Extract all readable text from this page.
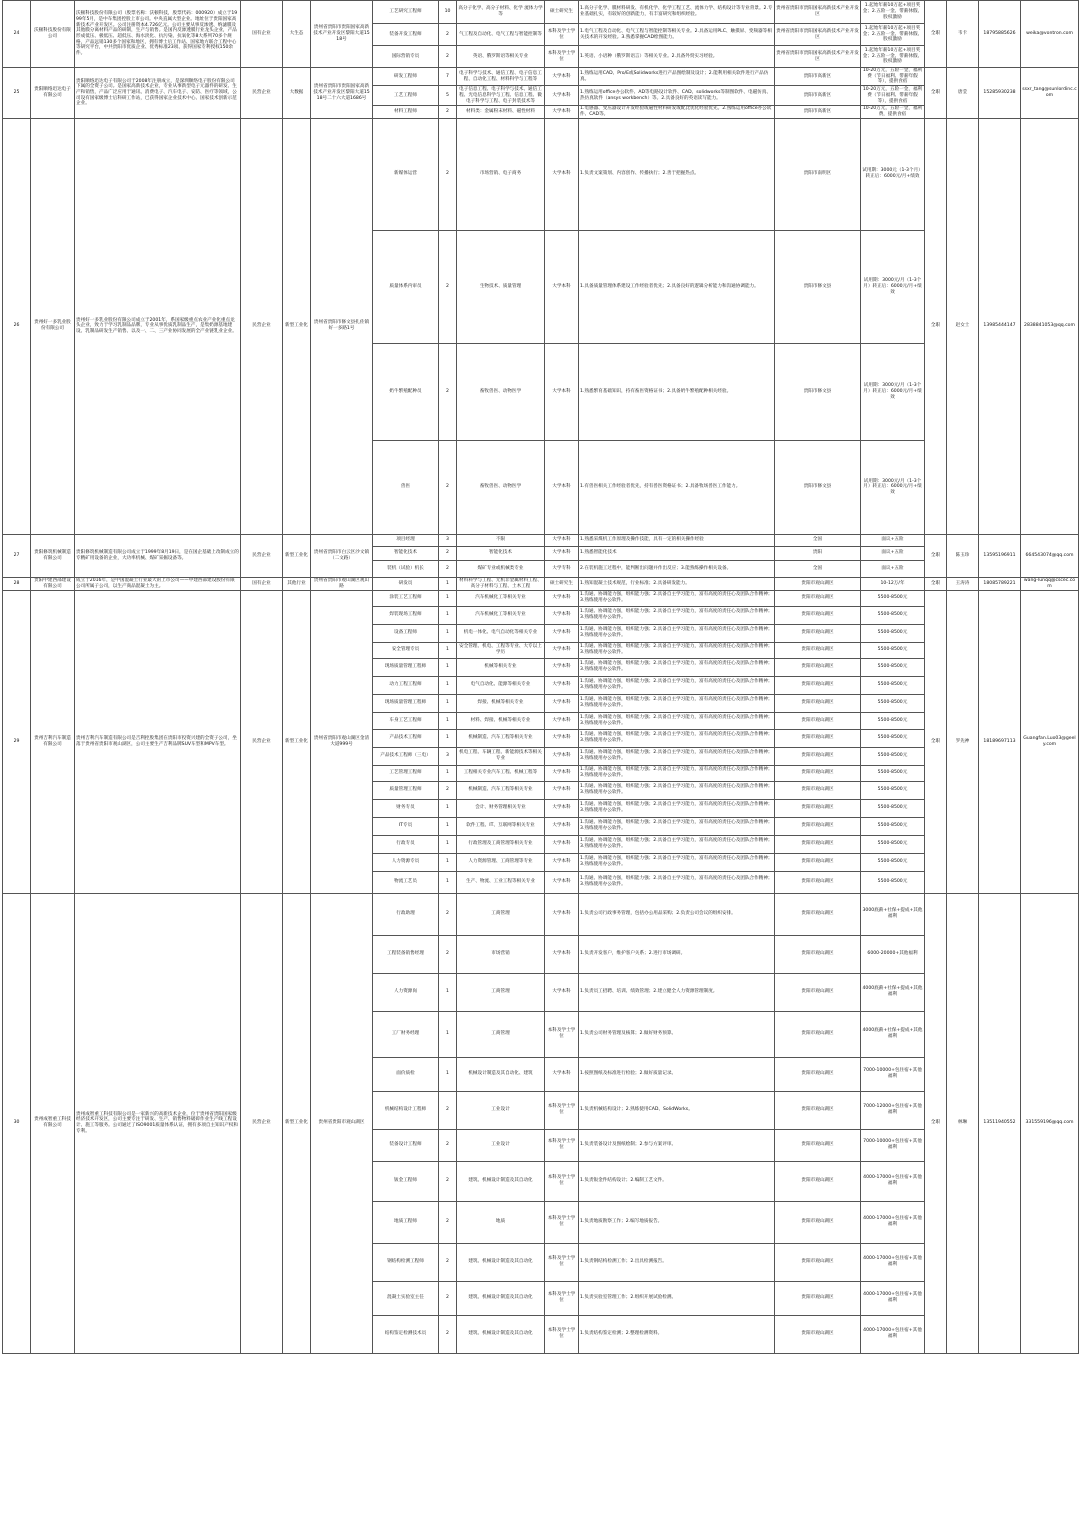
24	沃顿科技股份有限公司	沃顿科技股份有限公司（股票名称：沃顿科技，股票代码：000920）成立于1999年5月，是中车集团控股上市公司。中央直属大型企业。地址位于贵阳国家高新技术产业开发区。公司注册资本4.726亿元。公司主要从事反渗透、纳滤膜及其他膜分离材料产品的研制，生产与销售。是国内反渗透膜行业龙头企业，产品形成低压、极低压、超低压、海水淡化、抗污染、抗氧化等8大系列70多个规格，产品远销130多个国家和地区，拥有博士后工作站、国家地方联合工程中心等研究平台，中共贵阳市优质企业、优秀标准23项、获得国家专利授权150余件。	国有企业	大生态	贵州省贵阳市贵阳国家高新技术产业开发区黎阳大道1518号	工艺研究工程师	10	高分子化学、高分子材料、化学 流体力学等	硕士研究生	1.高分子化学、膜材料研发、有机化学、化学工程工艺、流体力学、结构设计等专业背景。2.专业基础扎实，有较好的创新能力，有丰富研究和组织经验。	贵州省贵阳市贵阳国家高新技术产业开发区	1.起始年薪10万起+项目奖金；2.五险一金、带薪休假、股权激励	全职	韦卡	18795885626	weika@vontron.com
						装备开发工程师	2	气工程及自动化、电气工程与智能控制等	本科及学士学位	1.电气工程及自动化、电气工程与智能控制等相关专业。2.具备运用PLC、触摸屏、变频器等相关技术的开发经验。3.熟悉掌握CAD绘图能力。	贵州省贵阳市贵阳国家高新技术产业开发区	1.起始年薪10万起+项目奖金；2.五险一金、带薪休假、股权激励				
						国际营销专员	2	英语、俄罗斯语等相关专业	本科及学士学位	1.英语、小语种（俄罗斯语言）等相关专业。2.具备外贸实习经验。	贵州省贵阳市贵阳国家高新技术产业开发区	1.起始年薪10万起+项目奖金；2.五险一金、带薪休假、股权激励				
25	贵阳顺络迅达电子有限公司	贵阳顺络迅达电子有限公司于2008年注册成立，是深圳顺络电子股份有限公司下属的全资子公司。是国家高新技术企业，专业从事新型电子元器件的研发、生产和销售，产品广泛应用于通讯、消费电子、汽车电子、安防、医疗等领域，公司设有国家级博士后科研工作站，已获得国家企业技术中心、国家技术创新示范企业。	民营企业	大数据	贵州省贵阳市贵阳国家高新技术产业开发区黎阳大道1518号二十六大道1686号	研发工程师	7	电子科学与技术、通信工程、电子信息工程、自动化工程、材料科学与工程等	大学本科	1.熟练运用CAD、Pro/E或Solidworks进行产品图绘制及设计；2.能利用相关软件进行产品仿真。	贵阳市高新区	10-20万元，五险一金，福利费（节日福利、带薪年假等），提供食宿	全职	唐莹	15285930238	ssxr_tang@sunlordinc.com
						工艺工程师	5	电子信息工程、电子科学与技术、通信工程、光电信息科学与工程、信息工程、微电子科学与工程、电子封装技术等	大学本科	1.熟练运用office办公软件、AD等电路设计软件、CAD、solidworks等制图软件、电磁仿真、热仿真软件（ansys workbench）等。2.具备良好的英语读写能力。	贵阳市高新区	10-20万元，五险一金，福利费（节日福利、带薪年假等），提供食宿				
						材料工程师	2	材料类：金属粉末材料、磁性材料	大学本科	1.电感器、变压器设计开发经验或磁性材料研发或配比优化经验优先。2.熟练运用office办公软件、CAD等。	贵阳市高新区	10-20万元，五险一金，福利费，提供食宿				
26	贵州好一多乳业股份有限公司	贵州好一多乳业股份有限公司成立于2001年，系国家级重点农业产业化重点龙头企业，致力于学习乳制品品牌，专业从事优质乳制品生产，是集奶源基地建设、乳制品研发生产销售、以及一、二、三产业协同发展的全产业链乳业企业。	民营企业	新型工业化	贵州省贵阳市修文县扎佐镇好一多路1号	新媒体运营	2	市场营销、电子商务	大学本科	1.负责文案策划、内容创作、传播执行；2.善于把握热点。	贵阳市南明区	试用期：3000元（1-3个月）转正后：6000元/月+绩效	全职	赵女士	13985444147	2838841053@qq.com
						质量体系内审员	2	生物技术、质量管理	大学本科	1.具备质量管理体系建设工作经验者优先；2.具备良好的逻辑分析能力和沟通协调能力。	贵阳市修文县	试用期：3000元/月（1-3个月）转正后：6000元/月+绩效				
						奶牛繁殖配种员	2	畜牧兽医、动物医学	大学本科	1.熟悉繁育基础知识，持有畜医资格证书；2.具备奶牛繁殖配种相关经验。	贵阳市修文县	试用期：3000元/月（1-3个月）转正后：6000元/月+绩效				
						兽医	2	畜牧兽医、动物医学	大学本科	1.有兽医相关工作经验者优先，持有兽医资格证书；2.具备牧场兽医工作能力。	贵阳市修文县	试用期：3000元/月（1-3个月）转正后：6000元/月+绩效				
27	贵阳修筑机械制造有限公司	贵阳修筑机械制造有限公司成立于1999年8月19日，是在国企基础上改制成立的专精矿用设备的企业，大功率机械、煤矿采掘设备等。	民营企业	新型工业化	贵州省贵阳市白云区沙文镇（二文路）	项目经理	3	不限	大学本科	1.熟悉采煤机工作原理及操作技能，具有一定的相关操作经验	全国	面议+五险	全职	陈玉珍	13595196911	664543074@qq.com
						智能化技术	2	智能化技术	大学本科	1.熟悉智能化技术	贵阳	面议+五险				
						装机（试验）机长	2	煤矿专业或机械类专业	大学专科	2.在装机施工过程中，能判断出问题并作出反应；3.能熟练操作相关设备。	全国	面议+五险				
28	贵阳中建西部建设有限公司	成立于2016年，是中国混凝土行业最大的上市公司——中建西部建设股份有限公司所属子公司，以生产商品混凝土为主。	国有企业	其他行业	贵州省贵阳市观山湖区观山路	研发员	1	材料科学与工程、无机非金属材料工程、高分子材料与工程、土木工程	硕士研究生	1.熟知混凝土技术规范，行业标准；2.具备研发能力。	贵阳市观山湖区	10-12万/年	全职	王涛涛	18085789221	wang-lunqq@cscec.com
29	贵州吉利汽车制造有限公司	贵州吉利汽车制造有限公司是吉利控股集团在贵阳市投资兴建的全资子公司，坐落于贵州省贵阳市观山湖区，公司主要生产吉利品牌SUV车型和MPV车型。	民营企业	新型工业化	贵州省贵阳市观山湖区金清大道999号	涂装工艺工程师	1	汽车机械化工等相关专业	大学本科	1.沟通、协调能力强，组织能力强；2.具备自主学习能力，富有高度的责任心及团队合作精神；3.熟练使用办公软件。	贵阳市观山湖区	5500-8500元	全职	罗先神	18189697113	Guangfan.Luo03@geely.com
						焊装现场工程师	1	汽车机械化工等相关专业	大学本科	1.沟通、协调能力强，组织能力强；2.具备自主学习能力，富有高度的责任心及团队合作精神；3.熟练使用办公软件。	贵阳市观山湖区	5500-8500元				
						设备工程师	1	机电一体化、电气自动化等相关专业	大学本科	1.沟通、协调能力强，组织能力强；2.具备自主学习能力，富有高度的责任心及团队合作精神；3.熟练使用办公软件。	贵阳市观山湖区	5500-8500元				
						安全管理专员	1	安全管理、机电、工程等专业、大专以上学历	大学本科	1.沟通、协调能力强，组织能力强；2.具备自主学习能力，富有高度的责任心及团队合作精神；3.熟练使用办公软件。	贵阳市观山湖区	5500-8500元				
						现场质量管理工程师	1	机械等相关专业	大学本科	1.沟通、协调能力强，组织能力强；2.具备自主学习能力，富有高度的责任心及团队合作精神；3.熟练使用办公软件。	贵阳市观山湖区	5500-8500元				
						动力工程工程师	1	电气自动化、能源等相关专业	大学本科	1.沟通、协调能力强，组织能力强；2.具备自主学习能力，富有高度的责任心及团队合作精神；3.熟练使用办公软件。	贵阳市观山湖区	5500-8500元				
						现场质量管理工程师	1	焊接、机械等相关专业	大学本科	1.沟通、协调能力强，组织能力强；2.具备自主学习能力，富有高度的责任心及团队合作精神；3.熟练使用办公软件。	贵阳市观山湖区	5500-8500元				
						车身工艺工程师	1	材料、焊接、机械等相关专业	大学本科	1.沟通、协调能力强，组织能力强；2.具备自主学习能力，富有高度的责任心及团队合作精神；3.熟练使用办公软件。	贵阳市观山湖区	5500-8500元				
						产品技术工程师	1	机械制造、汽车工程等相关专业	大学本科	1.沟通、协调能力强，组织能力强；2.具备自主学习能力，富有高度的责任心及团队合作精神；3.熟练使用办公软件。	贵阳市观山湖区	5500-8500元				
						产品技术工程师（三电）	3	机电工程、车辆工程、新能源技术等相关专业	大学本科	1.沟通、协调能力强，组织能力强；2.具备自主学习能力，富有高度的责任心及团队合作精神；3.熟练使用办公软件。	贵阳市观山湖区	5500-8500元				
						工艺管理工程师	1	工程相关专业汽车工程、机械工程等	大学本科	1.沟通、协调能力强，组织能力强；2.具备自主学习能力，富有高度的责任心及团队合作精神；3.熟练使用办公软件。	贵阳市观山湖区	5500-8500元				
						质量管理工程师	2	机械制造、汽车工程等相关专业	大学本科	1.沟通、协调能力强，组织能力强；2.具备自主学习能力，富有高度的责任心及团队合作精神；3.熟练使用办公软件。	贵阳市观山湖区	5500-8500元				
						财务专员	1	会计、财务管理相关专业	大学本科	1.沟通、协调能力强，组织能力强；2.具备自主学习能力，富有高度的责任心及团队合作精神；3.熟练使用办公软件。	贵阳市观山湖区	5500-8500元				
						IT专员	1	软件工程、IT、互联网等相关专业	大学本科	1.沟通、协调能力强，组织能力强；2.具备自主学习能力，富有高度的责任心及团队合作精神；3.熟练使用办公软件。	贵阳市观山湖区	5500-8500元				
						行政专员	1	行政管理及工商管理等相关专业	大学本科	1.沟通、协调能力强，组织能力强；2.具备自主学习能力，富有高度的责任心及团队合作精神；3.熟练使用办公软件。	贵阳市观山湖区	5500-8500元				
						人力资源专员	1	人力资源管理、工商管理等专业	大学本科	1.沟通、协调能力强，组织能力强；2.具备自主学习能力，富有高度的责任心及团队合作精神；3.熟练使用办公软件。	贵阳市观山湖区	5500-8500元				
						物流工艺员	1	生产、物流、工业工程等相关专业	大学本科	1.沟通、协调能力强，组织能力强；2.具备自主学习能力，富有高度的责任心及团队合作精神；3.熟练使用办公软件。	贵阳市观山湖区	5500-8500元				
30	贵州成智重工科技有限公司	贵州成智重工科技有限公司是一家新兴的高新技术企业，位于贵州省贵阳国家级经济技术开发区，公司主要专注于研发、生产、销售物料破碎作业生产线工程设计、施工等服务。公司通过了ISO9001质量体系认证，拥有多项自主知识产权和专利。	民营企业	新型工业化	贵州省贵阳市观山湖区	行政助理	2	工商管理	大学本科	1.负责公司行政事务管理，包括办公用品采购；2.负责公司会议的组织安排。	贵阳市观山湖区	3000底薪+社保+提成+其他福利	全职	林琳	13511940552	331559196@qq.com
						工程装备销售经理	2	市场营销	大学本科	1.负责开发客户，维护客户关系；2.进行市场调研。	贵阳市观山湖区	6000-20000+其他福利				
						人力资源岗	1	工商管理	大学本科	1.负责员工招聘、培训、绩效管理；2.建立健全人力资源管理制度。	贵阳市观山湖区	4000底薪+社保+提成+其他福利				
						工厂财务经理	1	工商管理	本科及学士学位	1.负责公司财务管理及核算；2.做好财务预算。	贵阳市观山湖区	4000底薪+社保+提成+其他福利				
						面价质检	1	机械设计制造及其自动化、建筑	大学本科	1.按照图纸及标准进行检验；2.做好质量记录。	贵阳市观山湖区	7000-10000+包住宿+其他福利				
						机械结构设计工程师	2	工业设计	本科及学士学位	1.负责机械结构设计；2.熟练使用CAD、SolidWorks。	贵阳市观山湖区	7000-12000+包住宿+其他福利				
						装备设计工程师	2	工业设计	本科及学士学位	1.负责装备设计及图纸绘制；2.参与方案评审。	贵阳市观山湖区	7000-10000+包住宿+其他福利				
						钣金工程师	2	建筑、机械设计制造及其自动化	本科及学士学位	1.负责钣金件结构设计；2.编制工艺文件。	贵阳市观山湖区	4000-17000+包住宿+其他福利				
						地质工程师	2	地质	本科及学士学位	1.负责地质勘察工作；2.编写地质报告。	贵阳市观山湖区	4000-17000+包住宿+其他福利				
						钢结构检测工程师	2	建筑、机械设计制造及其自动化	本科及学士学位	1.负责钢结构检测工作；2.出具检测报告。	贵阳市观山湖区	4000-17000+包住宿+其他福利				
						混凝土实验室主任	2	建筑、机械设计制造及其自动化	本科及学士学位	1.负责实验室管理工作；2.组织开展试验检测。	贵阳市观山湖区	4000-17000+包住宿+其他福利				
						结构鉴定检测技术员	2	建筑、机械设计制造及其自动化	本科及学士学位	1.负责结构鉴定检测；2.整理检测资料。	贵阳市观山湖区	4000-17000+包住宿+其他福利				
